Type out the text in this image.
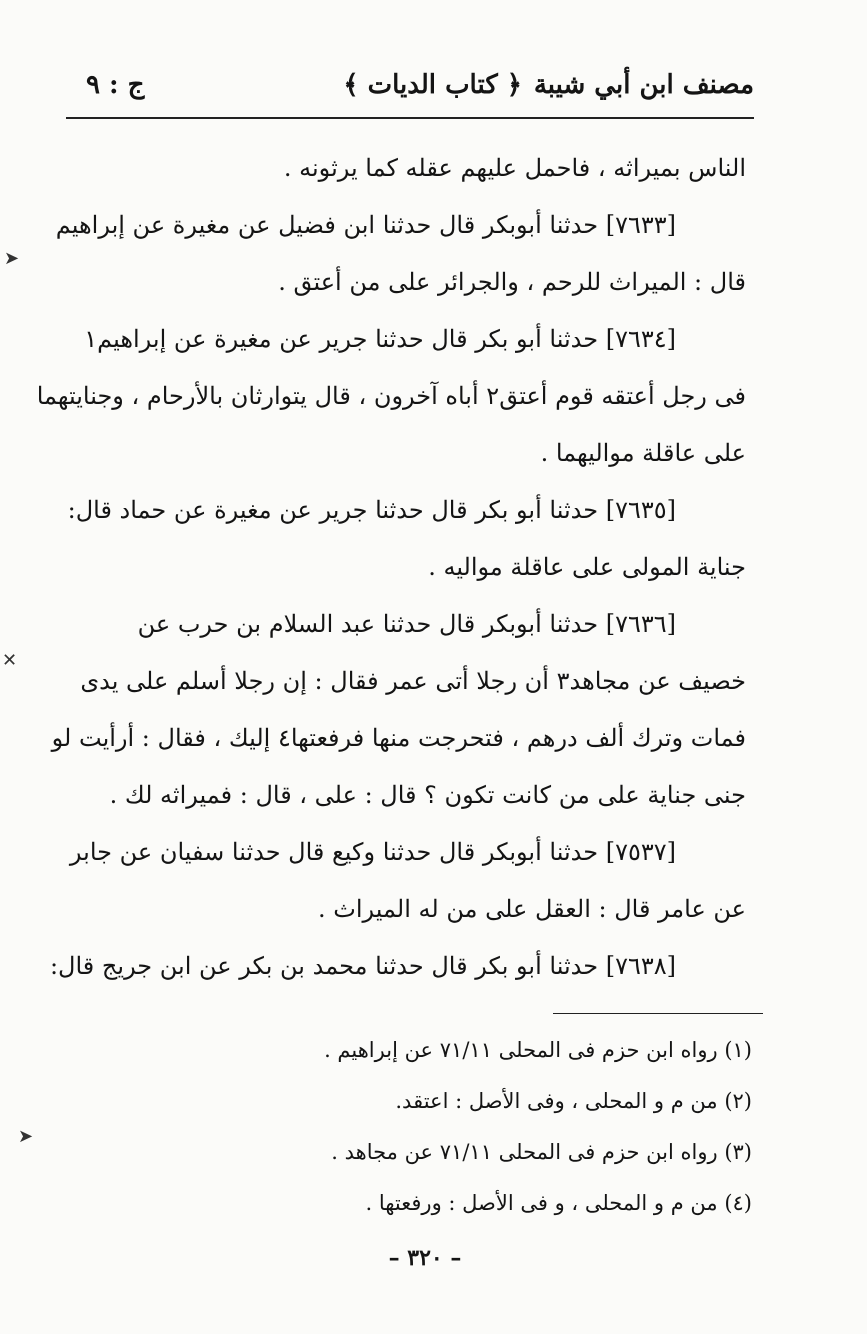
مصنف ابن أبي شيبة
﴿ كتاب الديات ﴾
ج : ٩
الناس بميراثه ، فاحمل عليهم عقله كما يرثونه .
[٧٦٣٣] حدثنا أبوبكر قال حدثنا ابن فضيل عن مغيرة عن إبراهيم
قال : الميراث للرحم ، والجرائر على من أعتق .
[٧٦٣٤] حدثنا أبو بكر قال حدثنا جرير عن مغيرة عن إبراهيم١
فى رجل أعتقه قوم أعتق٢ أباه آخرون ، قال يتوارثان بالأرحام ، وجنايتهما
على عاقلة مواليهما .
[٧٦٣٥] حدثنا أبو بكر قال حدثنا جرير عن مغيرة عن حماد قال:
جناية المولى على عاقلة مواليه .
[٧٦٣٦] حدثنا أبوبكر قال حدثنا عبد السلام بن حرب عن
خصيف عن مجاهد٣ أن رجلا أتى عمر فقال : إن رجلا أسلم على يدى
فمات وترك ألف درهم ، فتحرجت منها فرفعتها٤ إليك ، فقال : أرأيت لو
جنى جناية على من كانت تكون ؟ قال : على ، قال : فميراثه لك .
[٧٥٣٧] حدثنا أبوبكر قال حدثنا وكيع قال حدثنا سفيان عن جابر
عن عامر قال : العقل على من له الميراث .
[٧٦٣٨] حدثنا أبو بكر قال حدثنا محمد بن بكر عن ابن جريج قال:
(١) رواه ابن حزم فى المحلى ٧١/١١ عن إبراهيم .
(٢) من م و المحلى ، وفى الأصل : اعتقد.
(٣) رواه ابن حزم فى المحلى ٧١/١١ عن مجاهد .
(٤) من م و المحلى ، و فى الأصل : ورفعتها .
– ٣٢٠ –
➤
✕
➤
